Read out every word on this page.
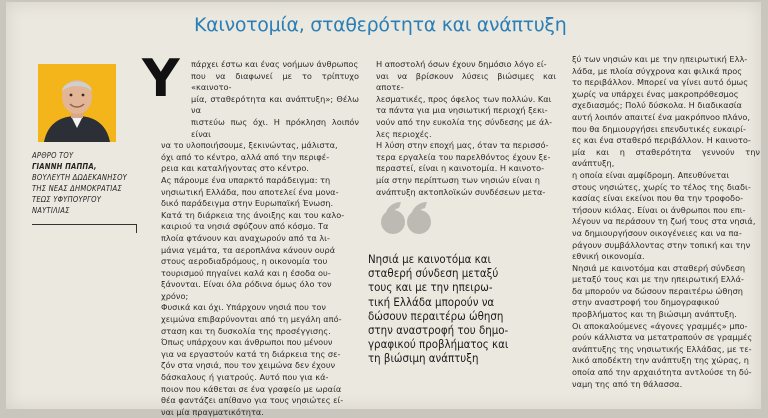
Καινοτομία, σταθερότητα και ανάπτυξη
ΑΡΘΡΟ ΤΟΥ
ΓΙΑΝΝΗ ΠΑΠΠΑ,
ΒΟΥΛΕΥΤΗ ΔΩΔΕΚΑΝΗΣΟΥ
ΤΗΣ ΝΕΑΣ ΔΗΜΟΚΡΑΤΙΑΣ
ΤΕΩΣ ΥΦΥΠΟΥΡΓΟΥ
ΝΑΥΤΙΛΙΑΣ
Υ	πάρχει έστω και ένας νοήμων άνθρωπος
που να διαφωνεί με το τρίπτυχο «καινοτο-
μία, σταθερότητα και ανάπτυξη»; Θέλω να
πιστεύω πως όχι. Η πρόκληση λοιπόν είναι
να το υλοποιήσουμε, ξεκινώντας, μάλιστα,
όχι από το κέντρο, αλλά από την περιφέ-
ρεια και καταλήγοντας στο κέντρο.
Ας πάρουμε ένα υπαρκτό παράδειγμα: τη
νησιωτική Ελλάδα, που αποτελεί ένα μονα-
δικό παράδειγμα στην Ευρωπαϊκή Ένωση.
Κατά τη διάρκεια της άνοιξης και του καλο-
καιριού τα νησιά σφύζουν από κόσμο. Τα
πλοία φτάνουν και αναχωρούν από τα λι-
μάνια γεμάτα, τα αεροπλάνα κάνουν ουρά
στους αεροδιαδρόμους, η οικονομία του
τουρισμού πηγαίνει καλά και η έσοδα ου-
ξάνονται. Είναι όλα ρόδινα όμως όλο τον
χρόνο;
Φυσικά και όχι. Υπάρχουν νησιά που τον
χειμώνα επιβαρύνονται από τη μεγάλη από-
σταση και τη δυσκολία της προσέγγισης.
Όπως υπάρχουν και άνθρωποι που μένουν
για να εργαστούν κατά τη διάρκεια της σε-
ζόν στα νησιά, που τον χειμώνα δεν έχουν
δάσκαλους ή γιατρούς. Αυτό που για κά-
ποιον που κάθεται σε ένα γραφείο με ωραία
θέα φαντάζει απίθανο για τους νησιώτες εί-
ναι μία πραγματικότητα.
Η αποστολή όσων έχουν δημόσιο λόγο εί-
ναι να βρίσκουν λύσεις βιώσιμες και αποτε-
λεσματικές, προς όφελος των πολλών. Και
τα πάντα για μια νησιωτική περιοχή ξεκι-
νούν από την ευκολία της σύνδεσης με άλ-
λες περιοχές.
Η λύση στην εποχή μας, όταν τα περισσό-
τερα εργαλεία του παρελθόντος έχουν ξε-
περαστεί, είναι η καινοτομία. Η καινοτο-
μία στην περίπτωση των νησιών είναι η
ανάπτυξη ακτοπλοϊκών συνδέσεων μετα-
Νησιά με καινοτόμα και
σταθερή σύνδεση μεταξύ
τους και με την ηπειρω-
τική Ελλάδα μπορούν να
δώσουν περαιτέρω ώθηση
στην αναστροφή του δημο-
γραφικού προβλήματος και
τη βιώσιμη ανάπτυξη
ξύ των νησιών και με την ηπειρωτική Ελλ-
λάδα, με πλοία σύγχρονα και φιλικά προς
το περιβάλλον. Μπορεί να γίνει αυτό όμως
χωρίς να υπάρχει ένας μακροπρόθεσμος
σχεδιασμός; Πολύ δύσκολα. Η διαδικασία
αυτή λοιπόν απαιτεί ένα μακρόπνοο πλάνο,
που θα δημιουργήσει επενδυτικές ευκαιρί-
ες και ένα σταθερό περιβάλλον. Η καινοτο-
μία και η σταθερότητα γεννούν την ανάπτυξη,
η οποία είναι αμφίδρομη. Απευθύνεται
στους νησιώτες, χωρίς το τέλος της διαδι-
κασίας είναι εκείνοι που θα την τροφοδο-
τήσουν κιόλας. Είναι οι άνθρωποι που επι-
λέγουν να περάσουν τη ζωή τους στα νησιά,
να δημιουργήσουν οικογένειες και να πα-
ράγουν συμβάλλοντας στην τοπική και την
εθνική οικονομία.
Νησιά με καινοτόμα και σταθερή σύνδεση
μεταξύ τους και με την ηπειρωτική Ελλά-
δα μπορούν να δώσουν περαιτέρω ώθηση
στην αναστροφή του δημογραφικού
προβλήματος και τη βιώσιμη ανάπτυξη.
Οι αποκαλούμενες «άγονες γραμμές» μπο-
ρούν κάλλιστα να μετατραπούν σε γραμμές
ανάπτυξης της νησιωτικής Ελλάδας, με τε-
λικό αποδέκτη την ανάπτυξη της χώρας, η
οποία από την αρχαιότητα αντλούσε τη δύ-
ναμη της από τη θάλασσα.
